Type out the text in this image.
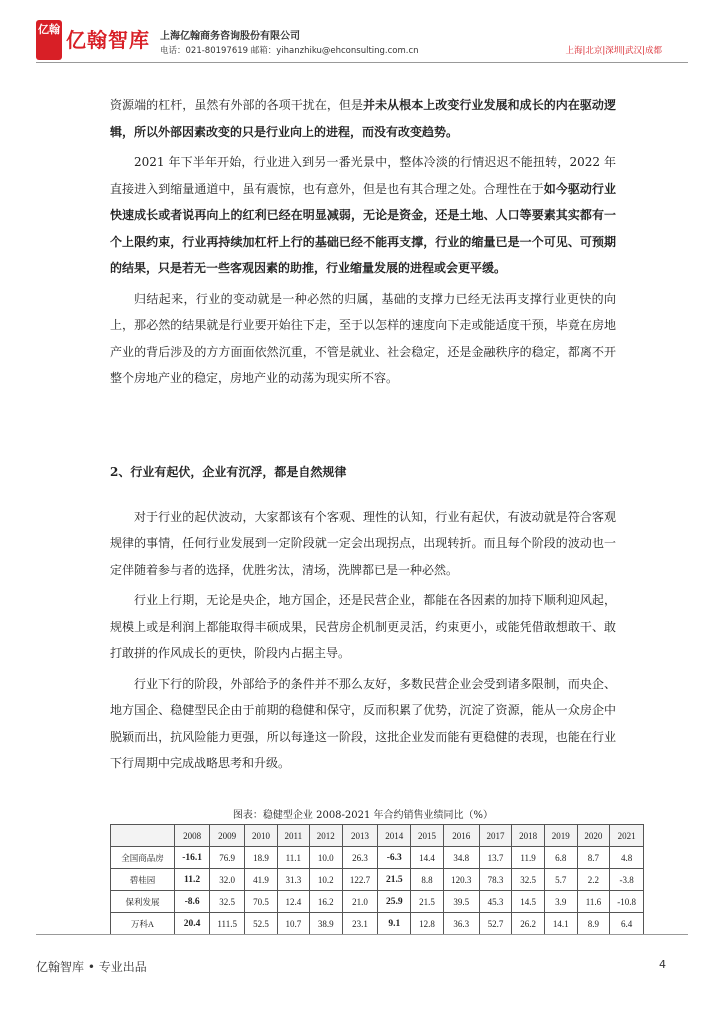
亿翰 亿翰智库 上海亿翰商务咨询股份有限公司
电话：021-80197619 邮箱：yihanzhiku@ehconsulting.com.cn	上海|北京|深圳|武汉|成都

资源端的杠杆，虽然有外部的各项干扰在，但是并未从根本上改变行业发展和成长的内在驱动逻辑，所以外部因素改变的只是行业向上的进程，而没有改变趋势。

2021 年下半年开始，行业进入到另一番光景中，整体冷淡的行情迟迟不能扭转，2022 年直接进入到缩量通道中，虽有震惊，也有意外，但是也有其合理之处。合理性在于如今驱动行业快速成长或者说再向上的红利已经在明显减弱，无论是资金，还是土地、人口等要素其实都有一个上限约束，行业再持续加杠杆上行的基础已经不能再支撑，行业的缩量已是一个可见、可预期的结果，只是若无一些客观因素的助推，行业缩量发展的进程或会更平缓。

归结起来，行业的变动就是一种必然的归属，基础的支撑力已经无法再支撑行业更快的向上，那必然的结果就是行业要开始往下走，至于以怎样的速度向下走或能适度干预，毕竟在房地产业的背后涉及的方方面面依然沉重，不管是就业、社会稳定，还是金融秩序的稳定，都离不开整个房地产业的稳定，房地产业的动荡为现实所不容。

2、行业有起伏，企业有沉浮，都是自然规律

对于行业的起伏波动，大家都该有个客观、理性的认知，行业有起伏，有波动就是符合客观规律的事情，任何行业发展到一定阶段就一定会出现拐点，出现转折。而且每个阶段的波动也一定伴随着参与者的选择，优胜劣汰，清场，洗牌都已是一种必然。

行业上行期，无论是央企，地方国企，还是民营企业，都能在各因素的加持下顺利迎风起，规模上或是利润上都能取得丰硕成果，民营房企机制更灵活，约束更小，或能凭借敢想敢干、敢打敢拼的作风成长的更快，阶段内占据主导。

行业下行的阶段，外部给予的条件并不那么友好，多数民营企业会受到诸多限制，而央企、地方国企、稳健型民企由于前期的稳健和保守，反而积累了优势，沉淀了资源，能从一众房企中脱颖而出，抗风险能力更强，所以每逢这一阶段，这批企业发而能有更稳健的表现，也能在行业下行周期中完成战略思考和升级。

图表：稳健型企业 2008-2021 年合约销售业绩同比（%）
	2008	2009	2010	2011	2012	2013	2014	2015	2016	2017	2018	2019	2020	2021
全国商品房	-16.1	76.9	18.9	11.1	10.0	26.3	-6.3	14.4	34.8	13.7	11.9	6.8	8.7	4.8
碧桂园	11.2	32.0	41.9	31.3	10.2	122.7	21.5	8.8	120.3	78.3	32.5	5.7	2.2	-3.8
保利发展	-8.6	32.5	70.5	12.4	16.2	21.0	25.9	21.5	39.5	45.3	14.5	3.9	11.6	-10.8
万科A	20.4	111.5	52.5	10.7	38.9	23.1	9.1	12.8	36.3	52.7	26.2	14.1	8.9	6.4
亿翰智库 • 专业出品	4
